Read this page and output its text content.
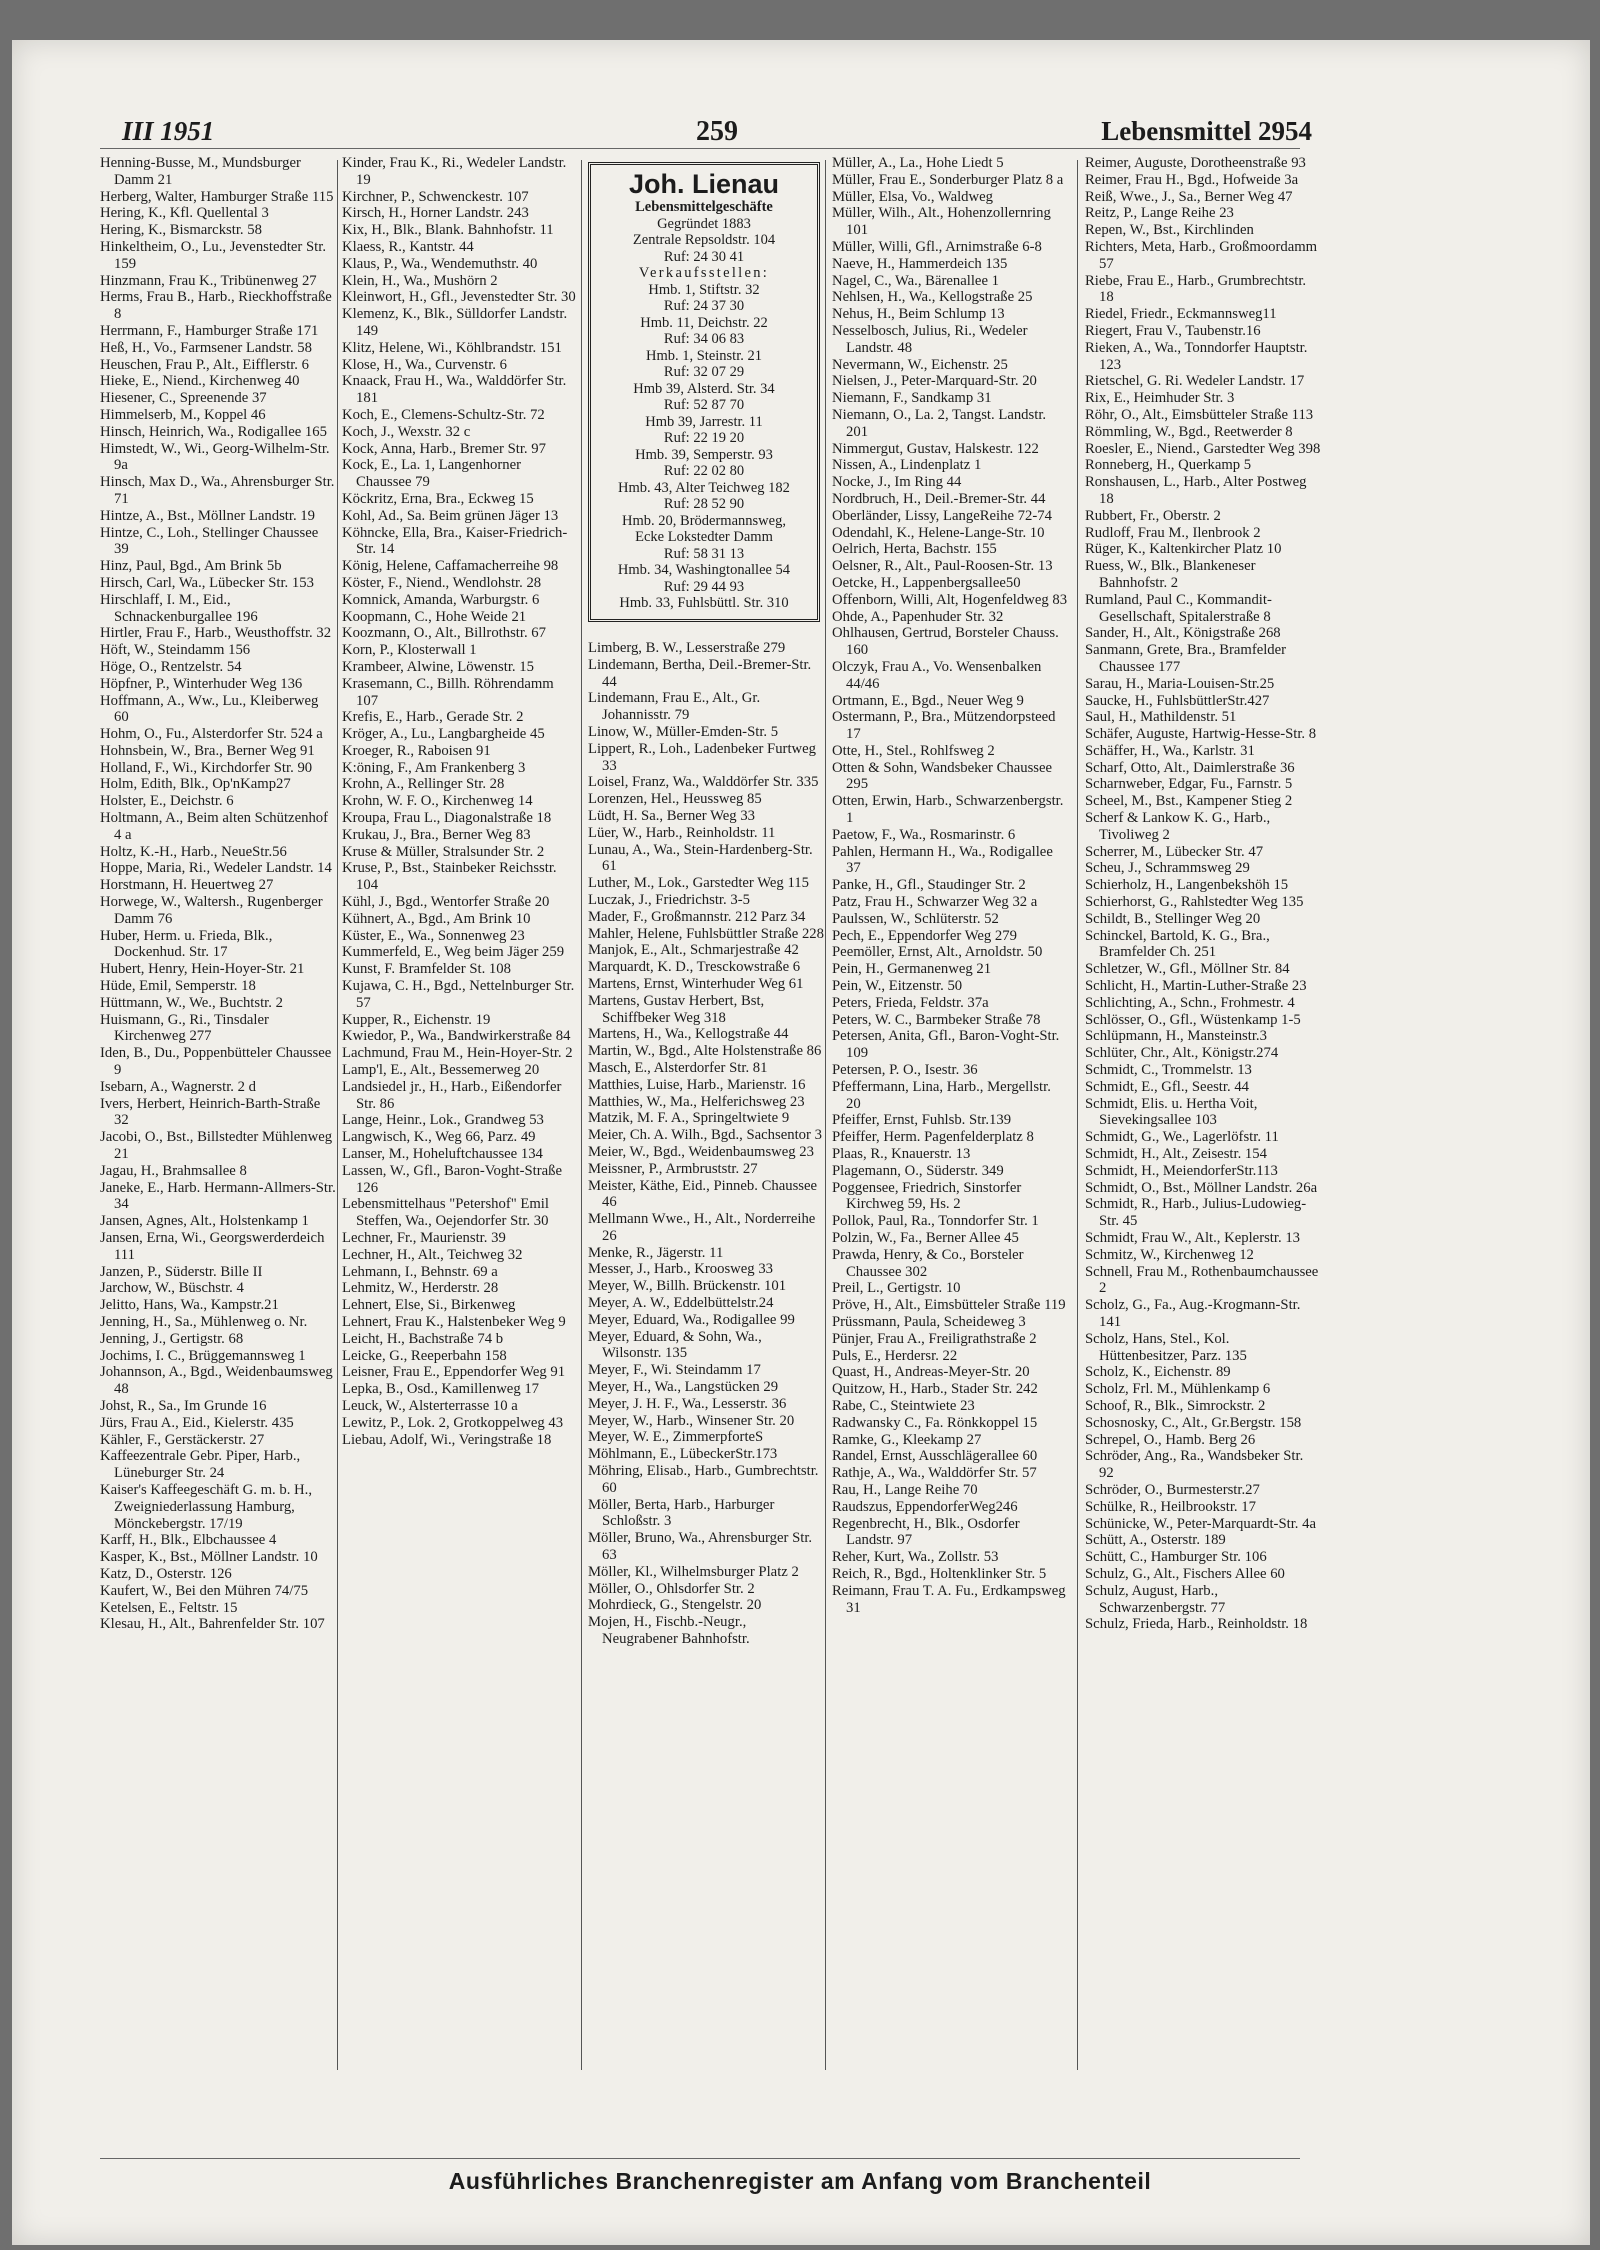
III 1951	259	Lebensmittel 2954
Henning-Busse, M., Mundsburger Damm 21
Herberg, Walter, Hamburger Straße 115
Hering, K., Kfl. Quellental 3
Hering, K., Bismarckstr. 58
Hinkeltheim, O., Lu., Jevenstedter Str. 159
Hinzmann, Frau K., Tribünenweg 27
Herms, Frau B., Harb., Rieckhoffstraße 8
Herrmann, F., Hamburger Straße 171
Heß, H., Vo., Farmsener Landstr. 58
Heuschen, Frau P., Alt., Eifflerstr. 6
Hieke, E., Niend., Kirchenweg 40
Hiesener, C., Spreenende 37
Himmelserb, M., Koppel 46
Hinsch, Heinrich, Wa., Rodigallee 165
Himstedt, W., Wi., Georg-Wilhelm-Str. 9a
Hinsch, Max D., Wa., Ahrensburger Str. 71
Hintze, A., Bst., Möllner Landstr. 19
Hintze, C., Loh., Stellinger Chaussee 39
Hinz, Paul, Bgd., Am Brink 5b
Hirsch, Carl, Wa., Lübecker Str. 153
Hirschlaff, I. M., Eid., Schnackenburgallee 196
Hirtler, Frau F., Harb., Weusthoffstr. 32
Höft, W., Steindamm 156
Höge, O., Rentzelstr. 54
Höpfner, P., Winterhuder Weg 136
Hoffmann, A., Ww., Lu., Kleiberweg 60
Hohm, O., Fu., Alsterdorfer Str. 524 a
Hohnsbein, W., Bra., Berner Weg 91
Holland, F., Wi., Kirchdorfer Str. 90
Holm, Edith, Blk., Op'nKamp27
Holster, E., Deichstr. 6
Holtmann, A., Beim alten Schützenhof 4 a
Holtz, K.-H., Harb., NeueStr.56
Hoppe, Maria, Ri., Wedeler Landstr. 14
Horstmann, H. Heuertweg 27
Horwege, W., Waltersh., Rugenberger Damm 76
Huber, Herm. u. Frieda, Blk., Dockenhud. Str. 17
Hubert, Henry, Hein-Hoyer-Str. 21
Hüde, Emil, Semperstr. 18
Hüttmann, W., We., Buchtstr. 2
Huismann, G., Ri., Tinsdaler Kirchenweg 277
Iden, B., Du., Poppenbütteler Chaussee 9
Isebarn, A., Wagnerstr. 2 d
Ivers, Herbert, Heinrich-Barth-Straße 32
Jacobi, O., Bst., Billstedter Mühlenweg 21
Jagau, H., Brahmsallee 8
Janeke, E., Harb. Hermann-Allmers-Str. 34
Jansen, Agnes, Alt., Holstenkamp 1
Jansen, Erna, Wi., Georgswerderdeich 111
Janzen, P., Süderstr. Bille II
Jarchow, W., Büschstr. 4
Jelitto, Hans, Wa., Kampstr.21
Jenning, H., Sa., Mühlenweg o. Nr.
Jenning, J., Gertigstr. 68
Jochims, I. C., Brüggemannsweg 1
Johannson, A., Bgd., Weidenbaumsweg 48
Johst, R., Sa., Im Grunde 16
Jürs, Frau A., Eid., Kielerstr. 435
Kähler, F., Gerstäckerstr. 27
Kaffeezentrale Gebr. Piper, Harb., Lüneburger Str. 24
Kaiser's Kaffeegeschäft G. m. b. H., Zweigniederlassung Hamburg, Mönckebergstr. 17/19
Karff, H., Blk., Elbchaussee 4
Kasper, K., Bst., Möllner Landstr. 10
Katz, D., Osterstr. 126
Kaufert, W., Bei den Mühren 74/75
Ketelsen, E., Feltstr. 15
Klesau, H., Alt., Bahrenfelder Str. 107
Kinder, Frau K., Ri., Wedeler Landstr. 19
Kirchner, P., Schwenckestr. 107
Kirsch, H., Horner Landstr. 243
Kix, H., Blk., Blank. Bahnhofstr. 11
Klaess, R., Kantstr. 44
Klaus, P., Wa., Wendemuthstr. 40
Klein, H., Wa., Mushörn 2
Kleinwort, H., Gfl., Jevenstedter Str. 30
Klemenz, K., Blk., Sülldorfer Landstr. 149
Klitz, Helene, Wi., Köhlbrandstr. 151
Klose, H., Wa., Curvenstr. 6
Knaack, Frau H., Wa., Walddörfer Str. 181
Koch, E., Clemens-Schultz-Str. 72
Koch, J., Wexstr. 32 c
Kock, Anna, Harb., Bremer Str. 97
Kock, E., La. 1, Langenhorner Chaussee 79
Köckritz, Erna, Bra., Eckweg 15
Kohl, Ad., Sa. Beim grünen Jäger 13
Köhncke, Ella, Bra., Kaiser-Friedrich-Str. 14
König, Helene, Caffamacherreihe 98
Köster, F., Niend., Wendlohstr. 28
Komnick, Amanda, Warburgstr. 6
Koopmann, C., Hohe Weide 21
Koozmann, O., Alt., Billrothstr. 67
Korn, P., Klosterwall 1
Krambeer, Alwine, Löwenstr. 15
Krasemann, C., Billh. Röhrendamm 107
Krefis, E., Harb., Gerade Str. 2
Kröger, A., Lu., Langbargheide 45
Kroeger, R., Raboisen 91
K:öning, F., Am Frankenberg 3
Krohn, A., Rellinger Str. 28
Krohn, W. F. O., Kirchenweg 14
Kroupa, Frau L., Diagonalstraße 18
Krukau, J., Bra., Berner Weg 83
Kruse & Müller, Stralsunder Str. 2
Kruse, P., Bst., Stainbeker Reichsstr. 104
Kühl, J., Bgd., Wentorfer Straße 20
Kühnert, A., Bgd., Am Brink 10
Küster, E., Wa., Sonnenweg 23
Kummerfeld, E., Weg beim Jäger 259
Kunst, F. Bramfelder St. 108
Kujawa, C. H., Bgd., Nettelnburger Str. 57
Kupper, R., Eichenstr. 19
Kwiedor, P., Wa., Bandwirkerstraße 84
Lachmund, Frau M., Hein-Hoyer-Str. 2
Lamp'l, E., Alt., Bessemerweg 20
Landsiedel jr., H., Harb., Eißendorfer Str. 86
Lange, Heinr., Lok., Grandweg 53
Langwisch, K., Weg 66, Parz. 49
Lanser, M., Hoheluftchaussee 134
Lassen, W., Gfl., Baron-Voght-Straße 126
Lebensmittelhaus "Petershof" Emil Steffen, Wa., Oejendorfer Str. 30
Lechner, Fr., Maurienstr. 39
Lechner, H., Alt., Teichweg 32
Lehmann, I., Behnstr. 69 a
Lehmitz, W., Herderstr. 28
Lehnert, Else, Si., Birkenweg
Lehnert, Frau K., Halstenbeker Weg 9
Leicht, H., Bachstraße 74 b
Leicke, G., Reeperbahn 158
Leisner, Frau E., Eppendorfer Weg 91
Lepka, B., Osd., Kamillenweg 17
Leuck, W., Alsterterrasse 10 a
Lewitz, P., Lok. 2, Grotkoppelweg 43
Liebau, Adolf, Wi., Veringstraße 18
Joh. Lienau
Lebensmittelgeschäfte
Gegründet 1883
Zentrale Repsoldstr. 104
Ruf: 24 30 41
Verkaufsstellen:
Hmb. 1, Stiftstr. 32
Ruf: 24 37 30
Hmb. 11, Deichstr. 22
Ruf: 34 06 83
Hmb. 1, Steinstr. 21
Ruf: 32 07 29
Hmb 39, Alsterd. Str. 34
Ruf: 52 87 70
Hmb 39, Jarrestr. 11
Ruf: 22 19 20
Hmb. 39, Semperstr. 93
Ruf: 22 02 80
Hmb. 43, Alter Teichweg 182
Ruf: 28 52 90
Hmb. 20, Brödermannsweg,
Ecke Lokstedter Damm
Ruf: 58 31 13
Hmb. 34, Washingtonallee 54
Ruf: 29 44 93
Hmb. 33, Fuhlsbüttl. Str. 310
Limberg, B. W., Lesserstraße 279
Lindemann, Bertha, Deil.-Bremer-Str. 44
Lindemann, Frau E., Alt., Gr. Johannisstr. 79
Linow, W., Müller-Emden-Str. 5
Lippert, R., Loh., Ladenbeker Furtweg 33
Loisel, Franz, Wa., Walddörfer Str. 335
Lorenzen, Hel., Heussweg 85
Lüdt, H. Sa., Berner Weg 33
Lüer, W., Harb., Reinholdstr. 11
Lunau, A., Wa., Stein-Hardenberg-Str. 61
Luther, M., Lok., Garstedter Weg 115
Luczak, J., Friedrichstr. 3-5
Mader, F., Großmannstr. 212 Parz 34
Mahler, Helene, Fuhlsbüttler Straße 228
Manjok, E., Alt., Schmarjestraße 42
Marquardt, K. D., Tresckowstraße 6
Martens, Ernst, Winterhuder Weg 61
Martens, Gustav Herbert, Bst, Schiffbeker Weg 318
Martens, H., Wa., Kellogstraße 44
Martin, W., Bgd., Alte Holstenstraße 86
Masch, E., Alsterdorfer Str. 81
Matthies, Luise, Harb., Marienstr. 16
Matthies, W., Ma., Helferichsweg 23
Matzik, M. F. A., Springeltwiete 9
Meier, Ch. A. Wilh., Bgd., Sachsentor 3
Meier, W., Bgd., Weidenbaumsweg 23
Meissner, P., Armbruststr. 27
Meister, Käthe, Eid., Pinneb. Chaussee 46
Mellmann Wwe., H., Alt., Norderreihe 26
Menke, R., Jägerstr. 11
Messer, J., Harb., Kroosweg 33
Meyer, W., Billh. Brückenstr. 101
Meyer, A. W., Eddelbüttelstr.24
Meyer, Eduard, Wa., Rodigallee 99
Meyer, Eduard, & Sohn, Wa., Wilsonstr. 135
Meyer, F., Wi. Steindamm 17
Meyer, H., Wa., Langstücken 29
Meyer, J. H. F., Wa., Lesserstr. 36
Meyer, W., Harb., Winsener Str. 20
Meyer, W. E., ZimmerpforteS
Möhlmann, E., LübeckerStr.173
Möhring, Elisab., Harb., Gumbrechtstr. 60
Möller, Berta, Harb., Harburger Schloßstr. 3
Möller, Bruno, Wa., Ahrensburger Str. 63
Möller, Kl., Wilhelmsburger Platz 2
Möller, O., Ohlsdorfer Str. 2
Mohrdieck, G., Stengelstr. 20
Mojen, H., Fischb.-Neugr., Neugrabener Bahnhofstr.
Müller, A., La., Hohe Liedt 5
Müller, Frau E., Sonderburger Platz 8 a
Müller, Elsa, Vo., Waldweg
Müller, Wilh., Alt., Hohenzollernring 101
Müller, Willi, Gfl., Arnimstraße 6-8
Naeve, H., Hammerdeich 135
Nagel, C., Wa., Bärenallee 1
Nehlsen, H., Wa., Kellogstraße 25
Nehus, H., Beim Schlump 13
Nesselbosch, Julius, Ri., Wedeler Landstr. 48
Nevermann, W., Eichenstr. 25
Nielsen, J., Peter-Marquard-Str. 20
Niemann, F., Sandkamp 31
Niemann, O., La. 2, Tangst. Landstr. 201
Nimmergut, Gustav, Halskestr. 122
Nissen, A., Lindenplatz 1
Nocke, J., Im Ring 44
Nordbruch, H., Deil.-Bremer-Str. 44
Oberländer, Lissy, LangeReihe 72-74
Odendahl, K., Helene-Lange-Str. 10
Oelrich, Herta, Bachstr. 155
Oelsner, R., Alt., Paul-Roosen-Str. 13
Oetcke, H., Lappenbergsallee50
Offenborn, Willi, Alt, Hogenfeldweg 83
Ohde, A., Papenhuder Str. 32
Ohlhausen, Gertrud, Borsteler Chauss. 160
Olczyk, Frau A., Vo. Wensenbalken 44/46
Ortmann, E., Bgd., Neuer Weg 9
Ostermann, P., Bra., Mützendorpsteed 17
Otte, H., Stel., Rohlfsweg 2
Otten & Sohn, Wandsbeker Chaussee 295
Otten, Erwin, Harb., Schwarzenbergstr. 1
Paetow, F., Wa., Rosmarinstr. 6
Pahlen, Hermann H., Wa., Rodigallee 37
Panke, H., Gfl., Staudinger Str. 2
Patz, Frau H., Schwarzer Weg 32 a
Paulssen, W., Schlüterstr. 52
Pech, E., Eppendorfer Weg 279
Peemöller, Ernst, Alt., Arnoldstr. 50
Pein, H., Germanenweg 21
Pein, W., Eitzenstr. 50
Peters, Frieda, Feldstr. 37a
Peters, W. C., Barmbeker Straße 78
Petersen, Anita, Gfl., Baron-Voght-Str. 109
Petersen, P. O., Isestr. 36
Pfeffermann, Lina, Harb., Mergellstr. 20
Pfeiffer, Ernst, Fuhlsb. Str.139
Pfeiffer, Herm. Pagenfelderplatz 8
Plaas, R., Knauerstr. 13
Plagemann, O., Süderstr. 349
Poggensee, Friedrich, Sinstorfer Kirchweg 59, Hs. 2
Pollok, Paul, Ra., Tonndorfer Str. 1
Polzin, W., Fa., Berner Allee 45
Prawda, Henry, & Co., Borsteler Chaussee 302
Preil, L., Gertigstr. 10
Pröve, H., Alt., Eimsbütteler Straße 119
Prüssmann, Paula, Scheideweg 3
Pünjer, Frau A., Freiligrathstraße 2
Puls, E., Herdersr. 22
Quast, H., Andreas-Meyer-Str. 20
Quitzow, H., Harb., Stader Str. 242
Rabe, C., Steintwiete 23
Radwansky C., Fa. Rönkkoppel 15
Ramke, G., Kleekamp 27
Randel, Ernst, Ausschlägerallee 60
Rathje, A., Wa., Walddörfer Str. 57
Rau, H., Lange Reihe 70
Raudszus, EppendorferWeg246
Regenbrecht, H., Blk., Osdorfer Landstr. 97
Reher, Kurt, Wa., Zollstr. 53
Reich, R., Bgd., Holtenklinker Str. 5
Reimann, Frau T. A. Fu., Erdkampsweg 31
Reimer, Auguste, Dorotheenstraße 93
Reimer, Frau H., Bgd., Hofweide 3a
Reiß, Wwe., J., Sa., Berner Weg 47
Reitz, P., Lange Reihe 23
Repen, W., Bst., Kirchlinden
Richters, Meta, Harb., Großmoordamm 57
Riebe, Frau E., Harb., Grumbrechtstr. 18
Riedel, Friedr., Eckmannsweg11
Riegert, Frau V., Taubenstr.16
Rieken, A., Wa., Tonndorfer Hauptstr. 123
Rietschel, G. Ri. Wedeler Landstr. 17
Rix, E., Heimhuder Str. 3
Röhr, O., Alt., Eimsbütteler Straße 113
Römmling, W., Bgd., Reetwerder 8
Roesler, E., Niend., Garstedter Weg 398
Ronneberg, H., Querkamp 5
Ronshausen, L., Harb., Alter Postweg 18
Rubbert, Fr., Oberstr. 2
Rudloff, Frau M., Ilenbrook 2
Rüger, K., Kaltenkircher Platz 10
Ruess, W., Blk., Blankeneser Bahnhofstr. 2
Rumland, Paul C., Kommandit-Gesellschaft, Spitalerstraße 8
Sander, H., Alt., Königstraße 268
Sanmann, Grete, Bra., Bramfelder Chaussee 177
Sarau, H., Maria-Louisen-Str.25
Saucke, H., FuhlsbüttlerStr.427
Saul, H., Mathildenstr. 51
Schäfer, Auguste, Hartwig-Hesse-Str. 8
Schäffer, H., Wa., Karlstr. 31
Scharf, Otto, Alt., Daimlerstraße 36
Scharnweber, Edgar, Fu., Farnstr. 5
Scheel, M., Bst., Kampener Stieg 2
Scherf & Lankow K. G., Harb., Tivoliweg 2
Scherrer, M., Lübecker Str. 47
Scheu, J., Schrammsweg 29
Schierholz, H., Langenbekshöh 15
Schierhorst, G., Rahlstedter Weg 135
Schildt, B., Stellinger Weg 20
Schinckel, Bartold, K. G., Bra., Bramfelder Ch. 251
Schletzer, W., Gfl., Möllner Str. 84
Schlicht, H., Martin-Luther-Straße 23
Schlichting, A., Schn., Frohmestr. 4
Schlösser, O., Gfl., Wüstenkamp 1-5
Schlüpmann, H., Mansteinstr.3
Schlüter, Chr., Alt., Königstr.274
Schmidt, C., Trommelstr. 13
Schmidt, E., Gfl., Seestr. 44
Schmidt, Elis. u. Hertha Voit, Sievekingsallee 103
Schmidt, G., We., Lagerlöfstr. 11
Schmidt, H., Alt., Zeisestr. 154
Schmidt, H., MeiendorferStr.113
Schmidt, O., Bst., Möllner Landstr. 26a
Schmidt, R., Harb., Julius-Ludowieg-Str. 45
Schmidt, Frau W., Alt., Keplerstr. 13
Schmitz, W., Kirchenweg 12
Schnell, Frau M., Rothenbaumchaussee 2
Scholz, G., Fa., Aug.-Krogmann-Str. 141
Scholz, Hans, Stel., Kol. Hüttenbesitzer, Parz. 135
Scholz, K., Eichenstr. 89
Scholz, Frl. M., Mühlenkamp 6
Schoof, R., Blk., Simrockstr. 2
Schosnosky, C., Alt., Gr.Bergstr. 158
Schrepel, O., Hamb. Berg 26
Schröder, Ang., Ra., Wandsbeker Str. 92
Schröder, O., Burmesterstr.27
Schülke, R., Heilbrookstr. 17
Schünicke, W., Peter-Marquardt-Str. 4a
Schütt, A., Osterstr. 189
Schütt, C., Hamburger Str. 106
Schulz, G., Alt., Fischers Allee 60
Schulz, August, Harb., Schwarzenbergstr. 77
Schulz, Frieda, Harb., Reinholdstr. 18
Ausführliches Branchenregister am Anfang vom Branchenteil
